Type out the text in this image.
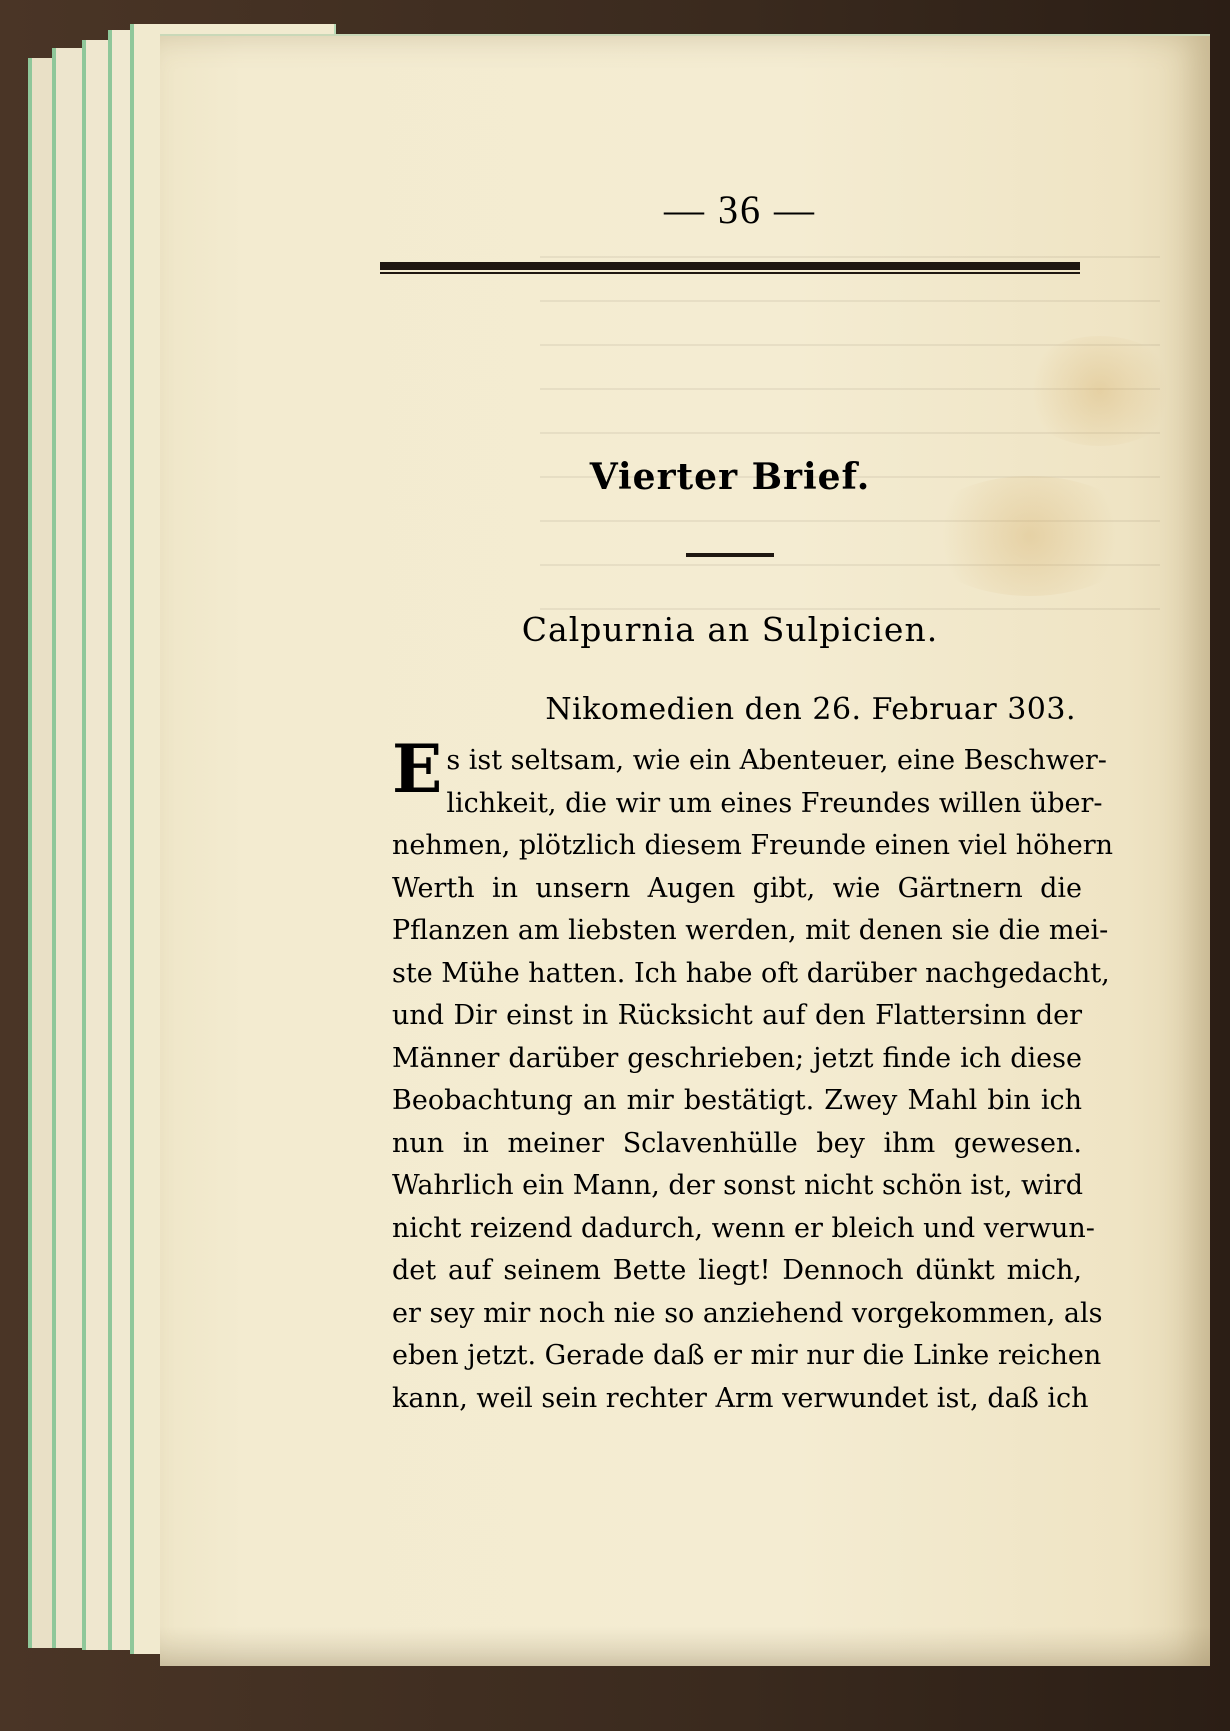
— 36 —
Vierter Brief.
Calpurnia an Sulpicien.
Nikomedien den 26. Februar 303.
E s ist seltsam, wie ein Abenteuer, eine Beschwer-
lichkeit, die wir um eines Freundes willen über-
nehmen, plötzlich diesem Freunde einen viel höhern
Werth in unsern Augen gibt, wie Gärtnern die
Pflanzen am liebsten werden, mit denen sie die mei-
ste Mühe hatten. Ich habe oft darüber nachgedacht,
und Dir einst in Rücksicht auf den Flattersinn der
Männer darüber geschrieben; jetzt finde ich diese
Beobachtung an mir bestätigt. Zwey Mahl bin ich
nun in meiner Sclavenhülle bey ihm gewesen.
Wahrlich ein Mann, der sonst nicht schön ist, wird
nicht reizend dadurch, wenn er bleich und verwun-
det auf seinem Bette liegt! Dennoch dünkt mich,
er sey mir noch nie so anziehend vorgekommen, als
eben jetzt. Gerade daß er mir nur die Linke reichen
kann, weil sein rechter Arm verwundet ist, daß ich
